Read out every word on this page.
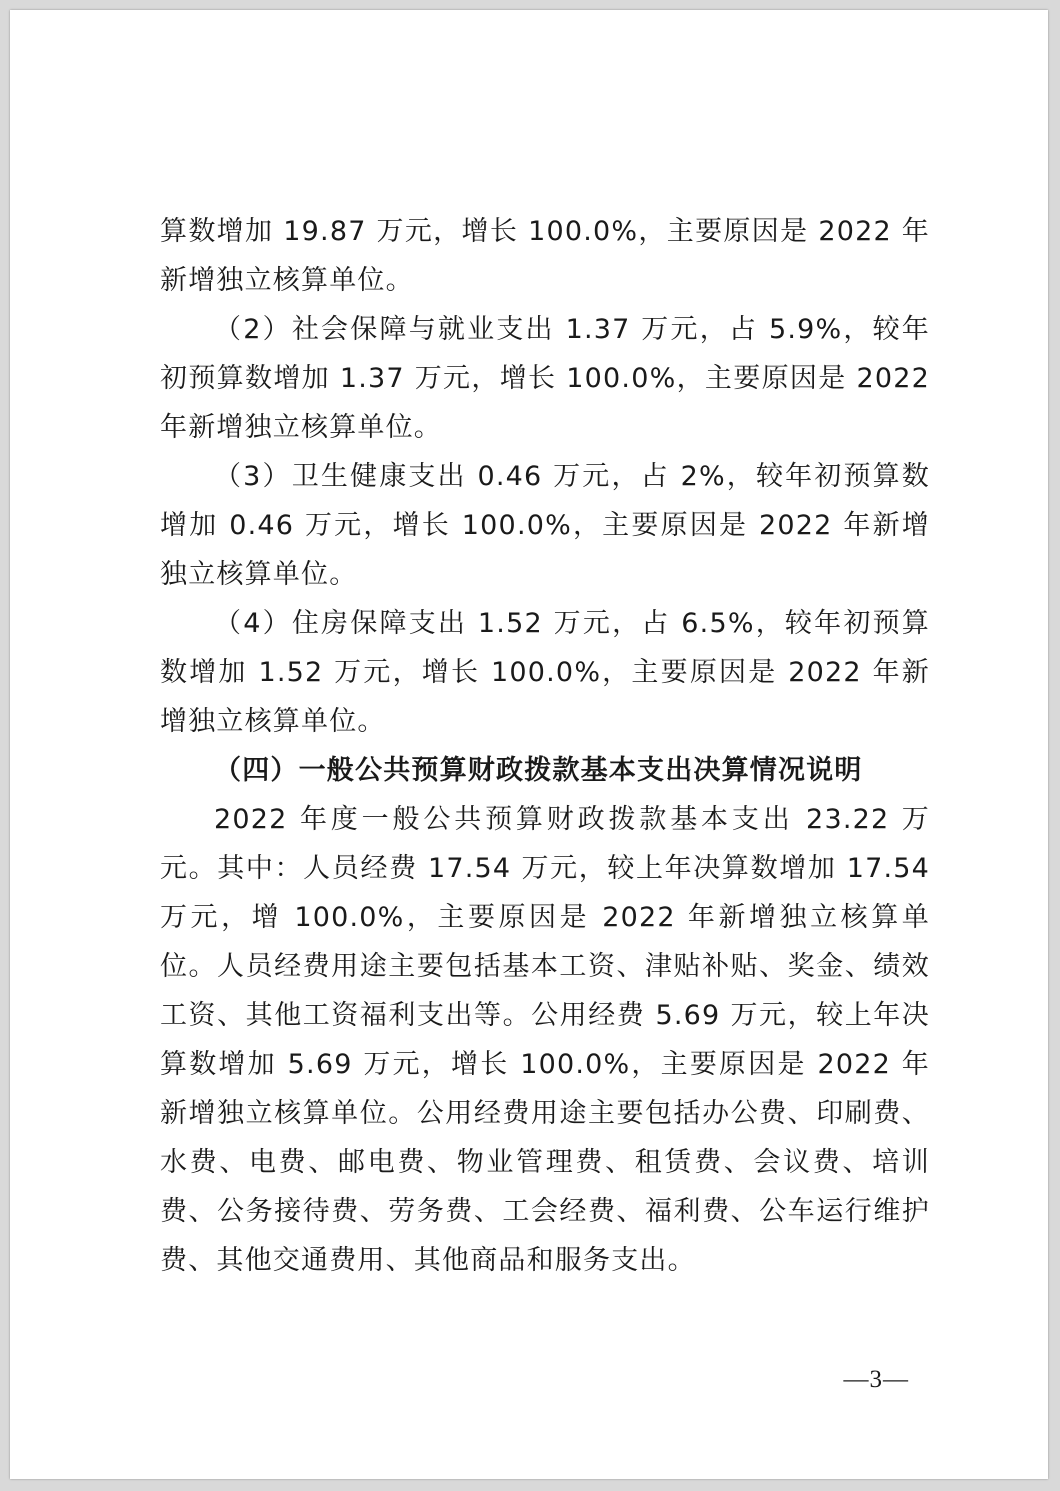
算数增加 19.87 万元，增长 100.0%，主要原因是 2022 年新增独立核算单位。

（2）社会保障与就业支出 1.37 万元，占 5.9%，较年初预算数增加 1.37 万元，增长 100.0%，主要原因是 2022 年新增独立核算单位。

（3）卫生健康支出 0.46 万元，占 2%，较年初预算数增加 0.46 万元，增长 100.0%，主要原因是 2022 年新增独立核算单位。

（4）住房保障支出 1.52 万元，占 6.5%，较年初预算数增加 1.52 万元，增长 100.0%，主要原因是 2022 年新增独立核算单位。

（四）一般公共预算财政拨款基本支出决算情况说明

2022 年度一般公共预算财政拨款基本支出 23.22 万元。其中：人员经费 17.54 万元，较上年决算数增加 17.54 万元，增 100.0%，主要原因是 2022 年新增独立核算单位。人员经费用途主要包括基本工资、津贴补贴、奖金、绩效工资、其他工资福利支出等。公用经费 5.69 万元，较上年决算数增加 5.69 万元，增长 100.0%，主要原因是 2022 年新增独立核算单位。公用经费用途主要包括办公费、印刷费、水费、电费、邮电费、物业管理费、租赁费、会议费、培训费、公务接待费、劳务费、工会经费、福利费、公车运行维护费、其他交通费用、其他商品和服务支出。

—3—
